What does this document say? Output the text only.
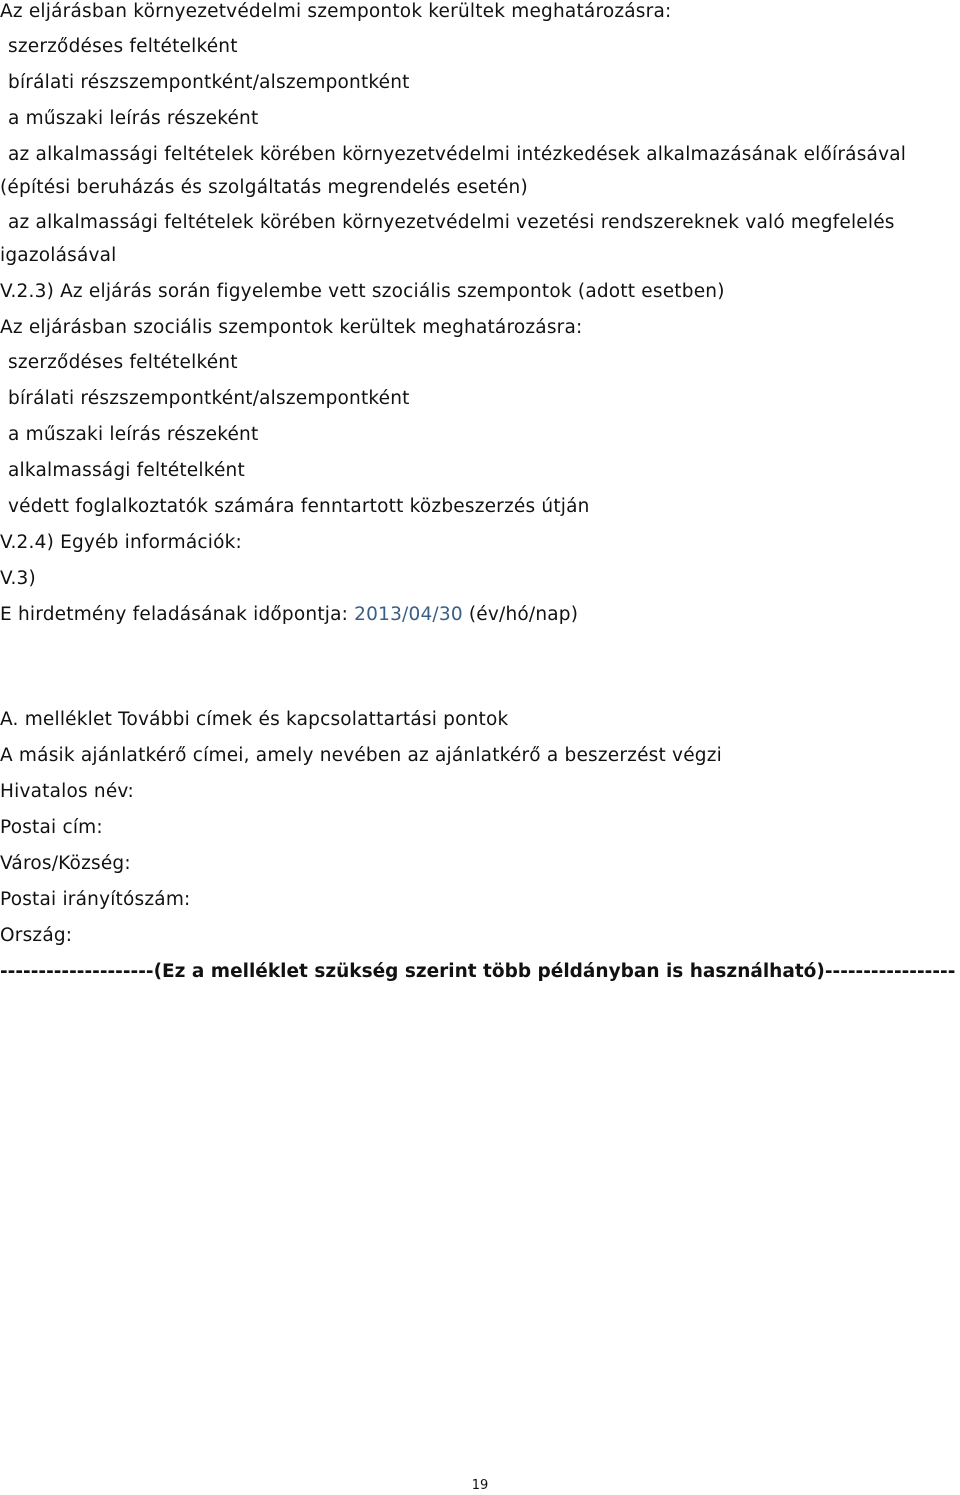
Az eljárásban környezetvédelmi szempontok kerültek meghatározásra:
szerződéses feltételként
bírálati részszempontként/alszempontként
a műszaki leírás részeként
az alkalmassági feltételek körében környezetvédelmi intézkedések alkalmazásának előírásával
(építési beruházás és szolgáltatás megrendelés esetén)
az alkalmassági feltételek körében környezetvédelmi vezetési rendszereknek való megfelelés
igazolásával
V.2.3) Az eljárás során figyelembe vett szociális szempontok (adott esetben)
Az eljárásban szociális szempontok kerültek meghatározásra:
szerződéses feltételként
bírálati részszempontként/alszempontként
a műszaki leírás részeként
alkalmassági feltételként
védett foglalkoztatók számára fenntartott közbeszerzés útján
V.2.4) Egyéb információk:
V.3)
E hirdetmény feladásának időpontja: 2013/04/30 (év/hó/nap)
A. melléklet További címek és kapcsolattartási pontok
A másik ajánlatkérő címei, amely nevében az ajánlatkérő a beszerzést végzi
Hivatalos név:
Postai cím:
Város/Község:
Postai irányítószám:
Ország:
--------------------(Ez a melléklet szükség szerint több példányban is használható)-----------------
19
